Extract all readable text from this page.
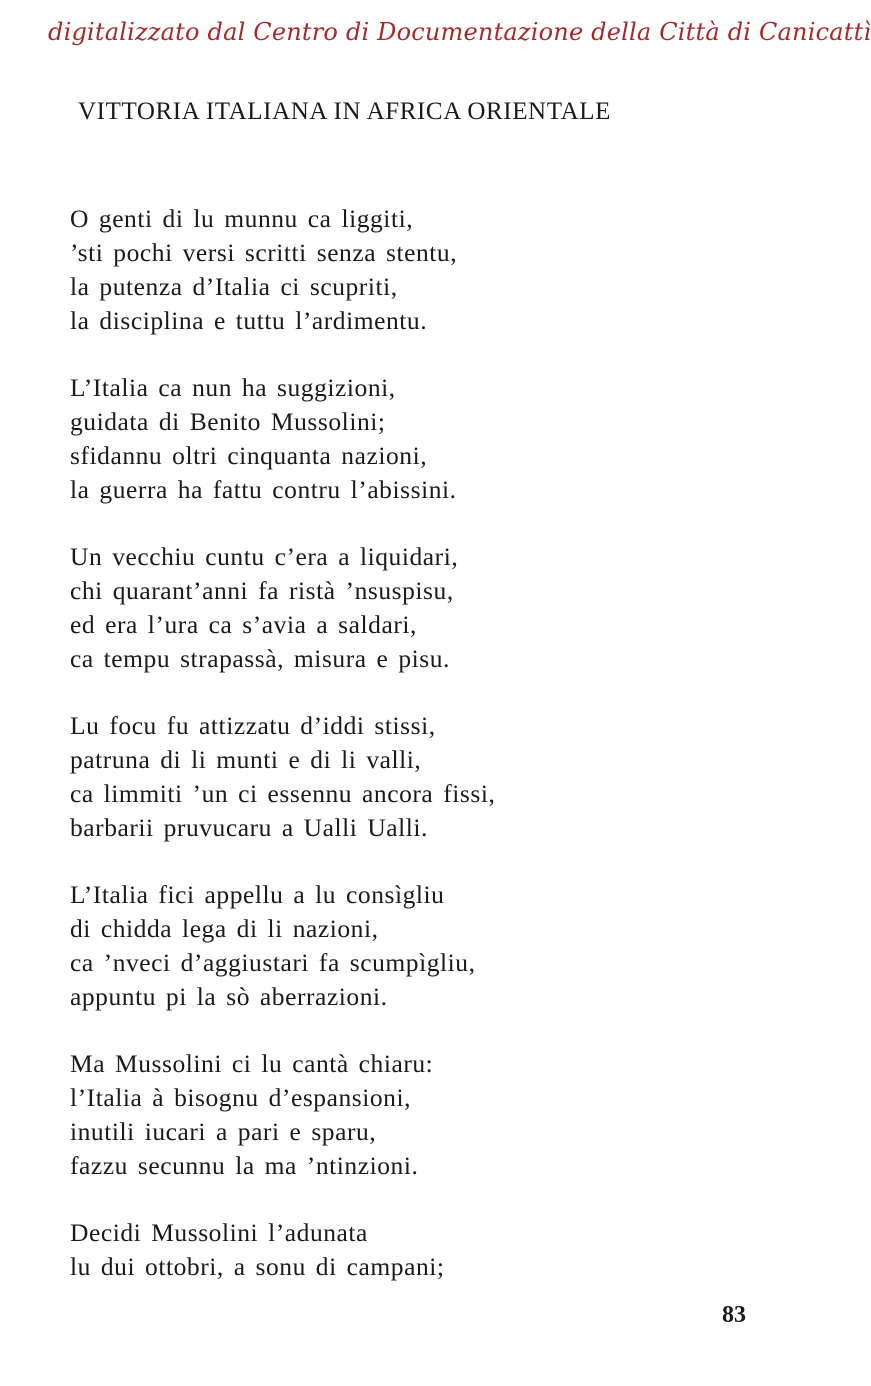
digitalizzato dal Centro di Documentazione della Città di Canicattì
VITTORIA ITALIANA IN AFRICA ORIENTALE
O genti di lu munnu ca liggiti,
’sti pochi versi scritti senza stentu,
la putenza d’Italia ci scupriti,
la disciplina e tuttu l’ardimentu.
L’Italia ca nun ha suggizioni,
guidata di Benito Mussolini;
sfidannu oltri cinquanta nazioni,
la guerra ha fattu contru l’abissini.
Un vecchiu cuntu c’era a liquidari,
chi quarant’anni fa ristà ’nsuspisu,
ed era l’ura ca s’avia a saldari,
ca tempu strapassà, misura e pisu.
Lu focu fu attizzatu d’iddi stissi,
patruna di li munti e di li valli,
ca limmiti ’un ci essennu ancora fissi,
barbarii pruvucaru a Ualli Ualli.
L’Italia fici appellu a lu consìgliu
di chidda lega di li nazioni,
ca ’nveci d’aggiustari fa scumpìgliu,
appuntu pi la sò aberrazioni.
Ma Mussolini ci lu cantà chiaru:
l’Italia à bisognu d’espansioni,
inutili iucari a pari e sparu,
fazzu secunnu la ma ’ntinzioni.
Decidi Mussolini l’adunata
lu dui ottobri, a sonu di campani;
83
